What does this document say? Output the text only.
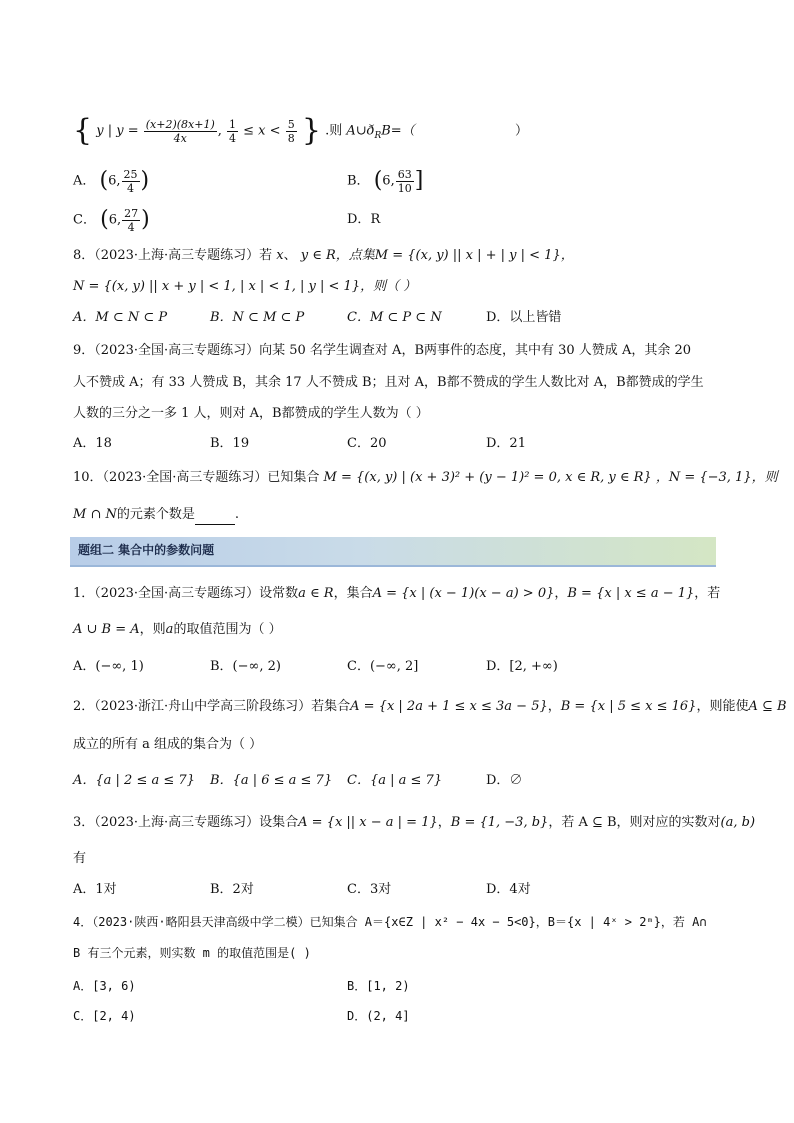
{ y | $y = \frac{(x+2)(8x+1)}{4x}$ , $\frac{1}{4} \le x < \frac{5}{8}$ } .则 $A\cup ð_RB=$（	）
A． (6, $\frac{25}{4}$ )	B． (6, $\frac{63}{10}$ ]
C． (6, $\frac{27}{4}$ )	D．R
8．（2023·上海·高三专题练习）若 x、 y ∈ R，点集M = {(x, y) || x | + | y | < 1}，
N = {(x, y) || x + y | < 1, | x | < 1, | y | < 1}，则（ ）
A．M ⊂ N ⊂ P	B．N ⊂ M ⊂ P	C．M ⊂ P ⊂ N	D．以上皆错
9．（2023·全国·高三专题练习）向某 50 名学生调查对 A，B两事件的态度，其中有 30 人赞成 A，其余 20
人不赞成 A；有 33 人赞成 B，其余 17 人不赞成 B；且对 A，B都不赞成的学生人数比对 A，B都赞成的学生
人数的三分之一多 1 人，则对 A，B都赞成的学生人数为（ ）
A．18	B．19	C．20	D．21
10．（2023·全国·高三专题练习）已知集合 M = {(x, y) | (x + 3)² + (y − 1)² = 0, x ∈ R, y ∈ R} ，N = {−3, 1}，则
M ∩ N的元素个数是	.
题组二 集合中的参数问题
1．（2023·全国·高三专题练习）设常数a ∈ R，集合A = {x | (x − 1)(x − a) > 0}，B = {x | x ≤ a − 1}，若
A ∪ B = A，则a的取值范围为（ ）
A．(−∞, 1)	B．(−∞, 2)	C．(−∞, 2]	D．[2, +∞)
2．（2023·浙江·舟山中学高三阶段练习）若集合A = {x | 2a + 1 ≤ x ≤ 3a − 5}，B = {x | 5 ≤ x ≤ 16}，则能使A ⊆ B
成立的所有 a 组成的集合为（ ）
A．{a | 2 ≤ a ≤ 7} B．{a | 6 ≤ a ≤ 7} C．{a | a ≤ 7}	D．∅
3．（2023·上海·高三专题练习）设集合A = {x || x − a | = 1}，B = {1, −3, b}，若 A ⊆ B，则对应的实数对(a, b)
有
A．1对	B．2对	C．3对	D．4对
4．（2023·陕西·略阳县天津高级中学二模）已知集合 A＝{x∈Z | x² − 4x − 5<0}，B＝{x | 4ˣ > 2ᵐ}，若 A∩
B 有三个元素，则实数 m 的取值范围是( )
A．[3, 6)	B．[1, 2)
C．[2, 4)	D．(2, 4]
